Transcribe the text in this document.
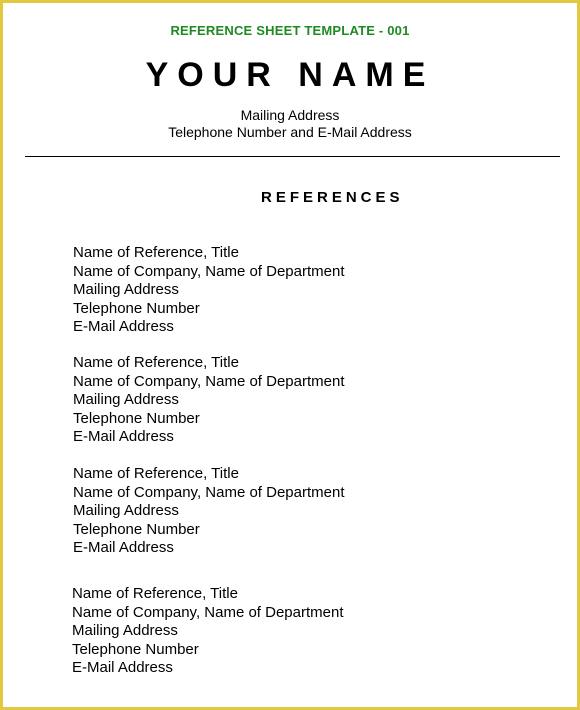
REFERENCE SHEET TEMPLATE - 001
YOUR NAME
Mailing Address
Telephone Number and E-Mail Address
REFERENCES
Name of Reference, Title
Name of Company, Name of Department
Mailing Address
Telephone Number
E-Mail Address
Name of Reference, Title
Name of Company, Name of Department
Mailing Address
Telephone Number
E-Mail Address
Name of Reference, Title
Name of Company, Name of Department
Mailing Address
Telephone Number
E-Mail Address
Name of Reference, Title
Name of Company, Name of Department
Mailing Address
Telephone Number
E-Mail Address
